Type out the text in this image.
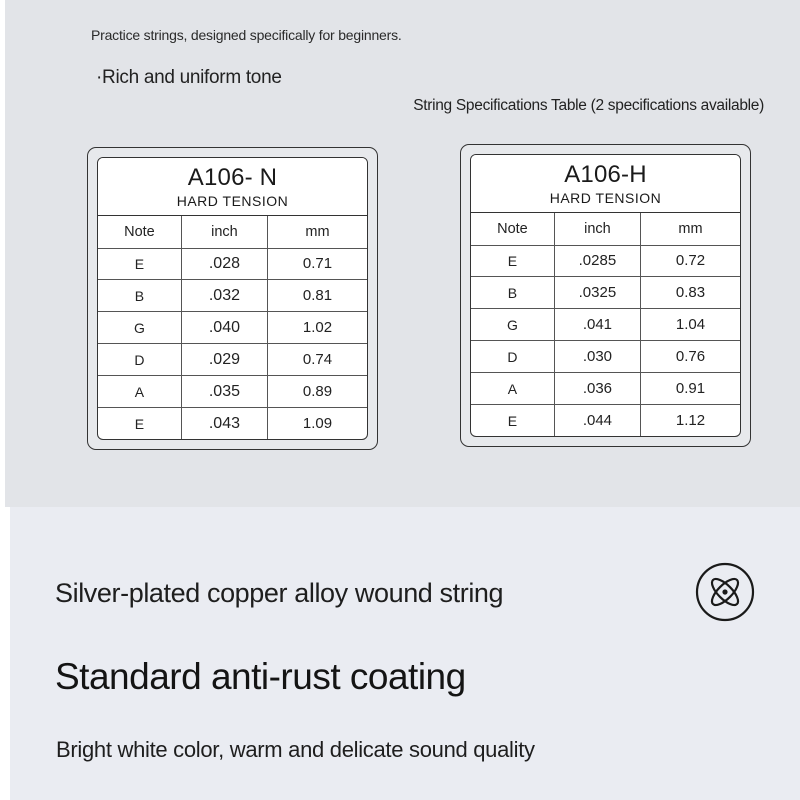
Practice strings, designed specifically for beginners.
·Rich and uniform tone
String Specifications Table (2 specifications available)
A106- N
HARD TENSION
Note	inch	mm
E	.028	0.71
B	.032	0.81
G	.040	1.02
D	.029	0.74
A	.035	0.89
E	.043	1.09
A106-H
HARD TENSION
Note	inch	mm
E	.0285	0.72
B	.0325	0.83
G	.041	1.04
D	.030	0.76
A	.036	0.91
E	.044	1.12
Silver-plated copper alloy wound string
Standard anti-rust coating
Bright white color, warm and delicate sound quality
